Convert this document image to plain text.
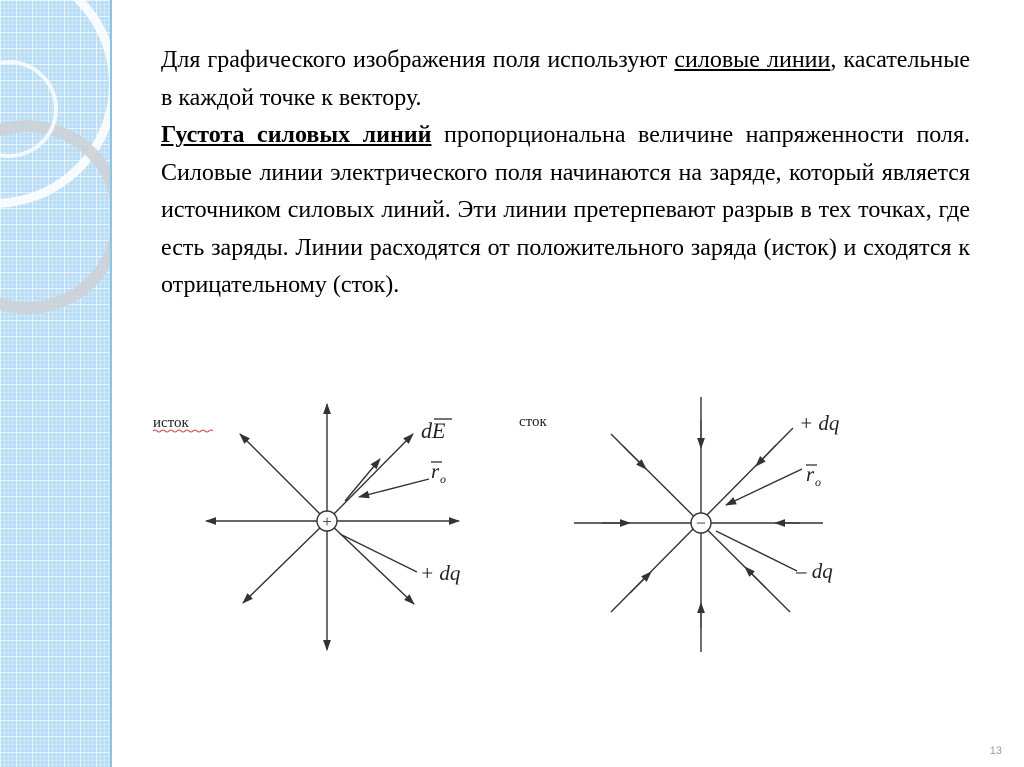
Для графического изображения поля используют силовые линии, касательные в каждой точке к вектору.

Густота силовых линий пропорциональна величине напряженности поля. Силовые линии электрического поля начинаются на заряде, который является источником силовых линий. Эти линии претерпевают разрыв в тех точках, где есть заряды. Линии расходятся от положительного заряда (исток) и сходятся к отрицательному (сток).

исток
+
dE
r o
+ dq
сток
−
+ dq
r o
– dq
13
